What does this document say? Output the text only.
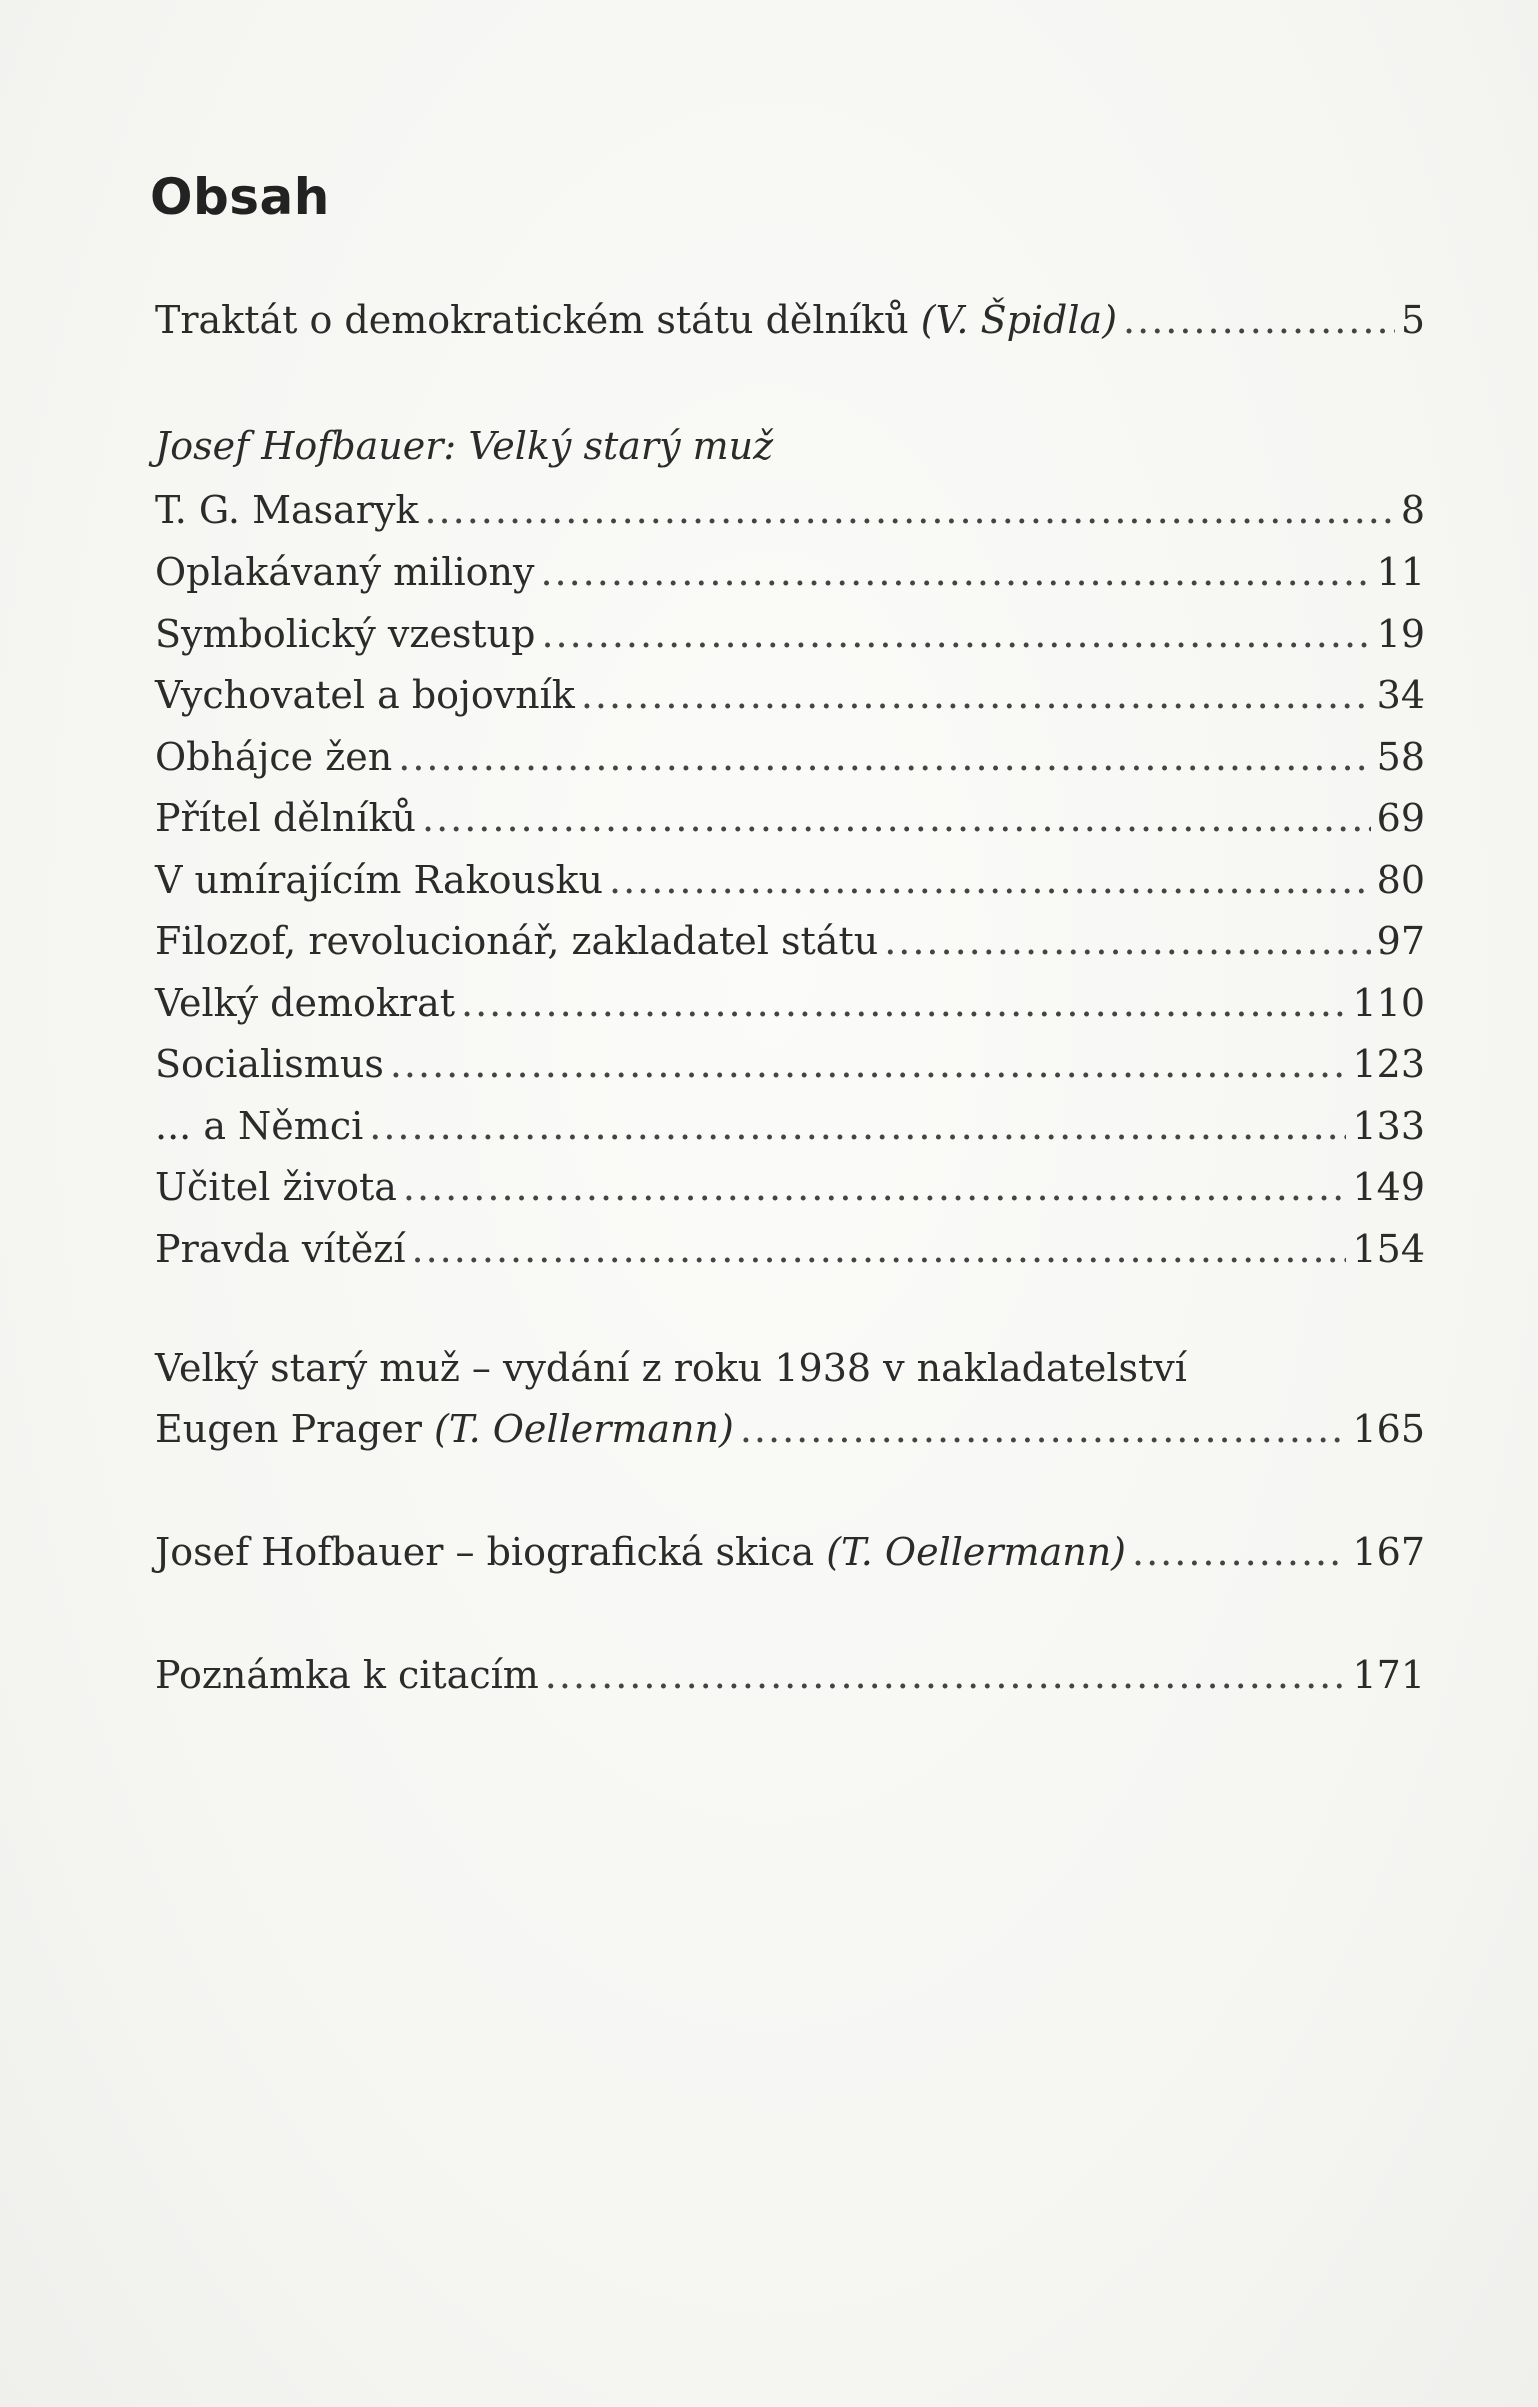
Obsah
Traktát o demokratickém státu dělníků (V. Špidla) .....	5
Josef Hofbauer: Velký starý muž
T. G. Masaryk .....	8
Oplakávaný miliony .....	11
Symbolický vzestup .....	19
Vychovatel a bojovník .....	34
Obhájce žen .....	58
Přítel dělníků .....	69
V umírajícím Rakousku .....	80
Filozof, revolucionář, zakladatel státu .....	97
Velký demokrat .....	110
Socialismus .....	123
... a Němci .....	133
Učitel života .....	149
Pravda vítězí .....	154
Velký starý muž – vydání z roku 1938 v nakladatelství
Eugen Prager (T. Oellermann) .....	165
Josef Hofbauer – biografická skica (T. Oellermann) .....	167
Poznámka k citacím .....	171
